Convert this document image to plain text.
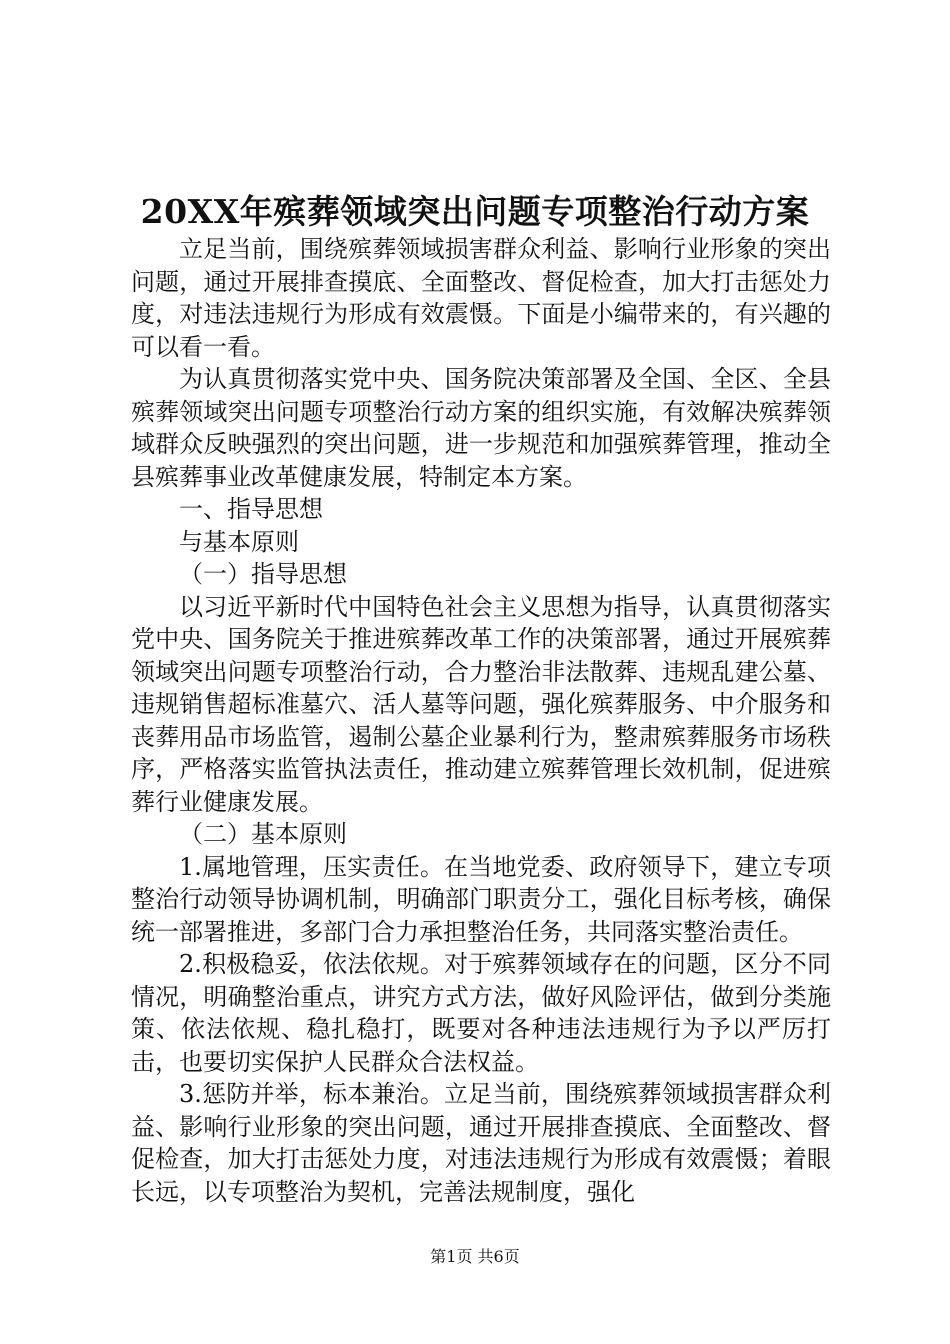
20XX年殡葬领域突出问题专项整治行动方案

立足当前，围绕殡葬领域损害群众利益、影响行业形象的突出问题，通过开展排查摸底、全面整改、督促检查，加大打击惩处力度，对违法违规行为形成有效震慑。下面是小编带来的，有兴趣的可以看一看。

为认真贯彻落实党中央、国务院决策部署及全国、全区、全县殡葬领域突出问题专项整治行动方案的组织实施，有效解决殡葬领域群众反映强烈的突出问题，进一步规范和加强殡葬管理，推动全县殡葬事业改革健康发展，特制定本方案。

一、指导思想

与基本原则

（一）指导思想

以习近平新时代中国特色社会主义思想为指导，认真贯彻落实党中央、国务院关于推进殡葬改革工作的决策部署，通过开展殡葬领域突出问题专项整治行动，合力整治非法散葬、违规乱建公墓、违规销售超标准墓穴、活人墓等问题，强化殡葬服务、中介服务和丧葬用品市场监管，遏制公墓企业暴利行为，整肃殡葬服务市场秩序，严格落实监管执法责任，推动建立殡葬管理长效机制，促进殡葬行业健康发展。

（二）基本原则

1.属地管理，压实责任。在当地党委、政府领导下，建立专项整治行动领导协调机制，明确部门职责分工，强化目标考核，确保统一部署推进，多部门合力承担整治任务，共同落实整治责任。

2.积极稳妥，依法依规。对于殡葬领域存在的问题，区分不同情况，明确整治重点，讲究方式方法，做好风险评估，做到分类施策、依法依规、稳扎稳打，既要对各种违法违规行为予以严厉打击，也要切实保护人民群众合法权益。

3.惩防并举，标本兼治。立足当前，围绕殡葬领域损害群众利益、影响行业形象的突出问题，通过开展排查摸底、全面整改、督促检查，加大打击惩处力度，对违法违规行为形成有效震慑；着眼长远，以专项整治为契机，完善法规制度，强化

第1页 共6页
